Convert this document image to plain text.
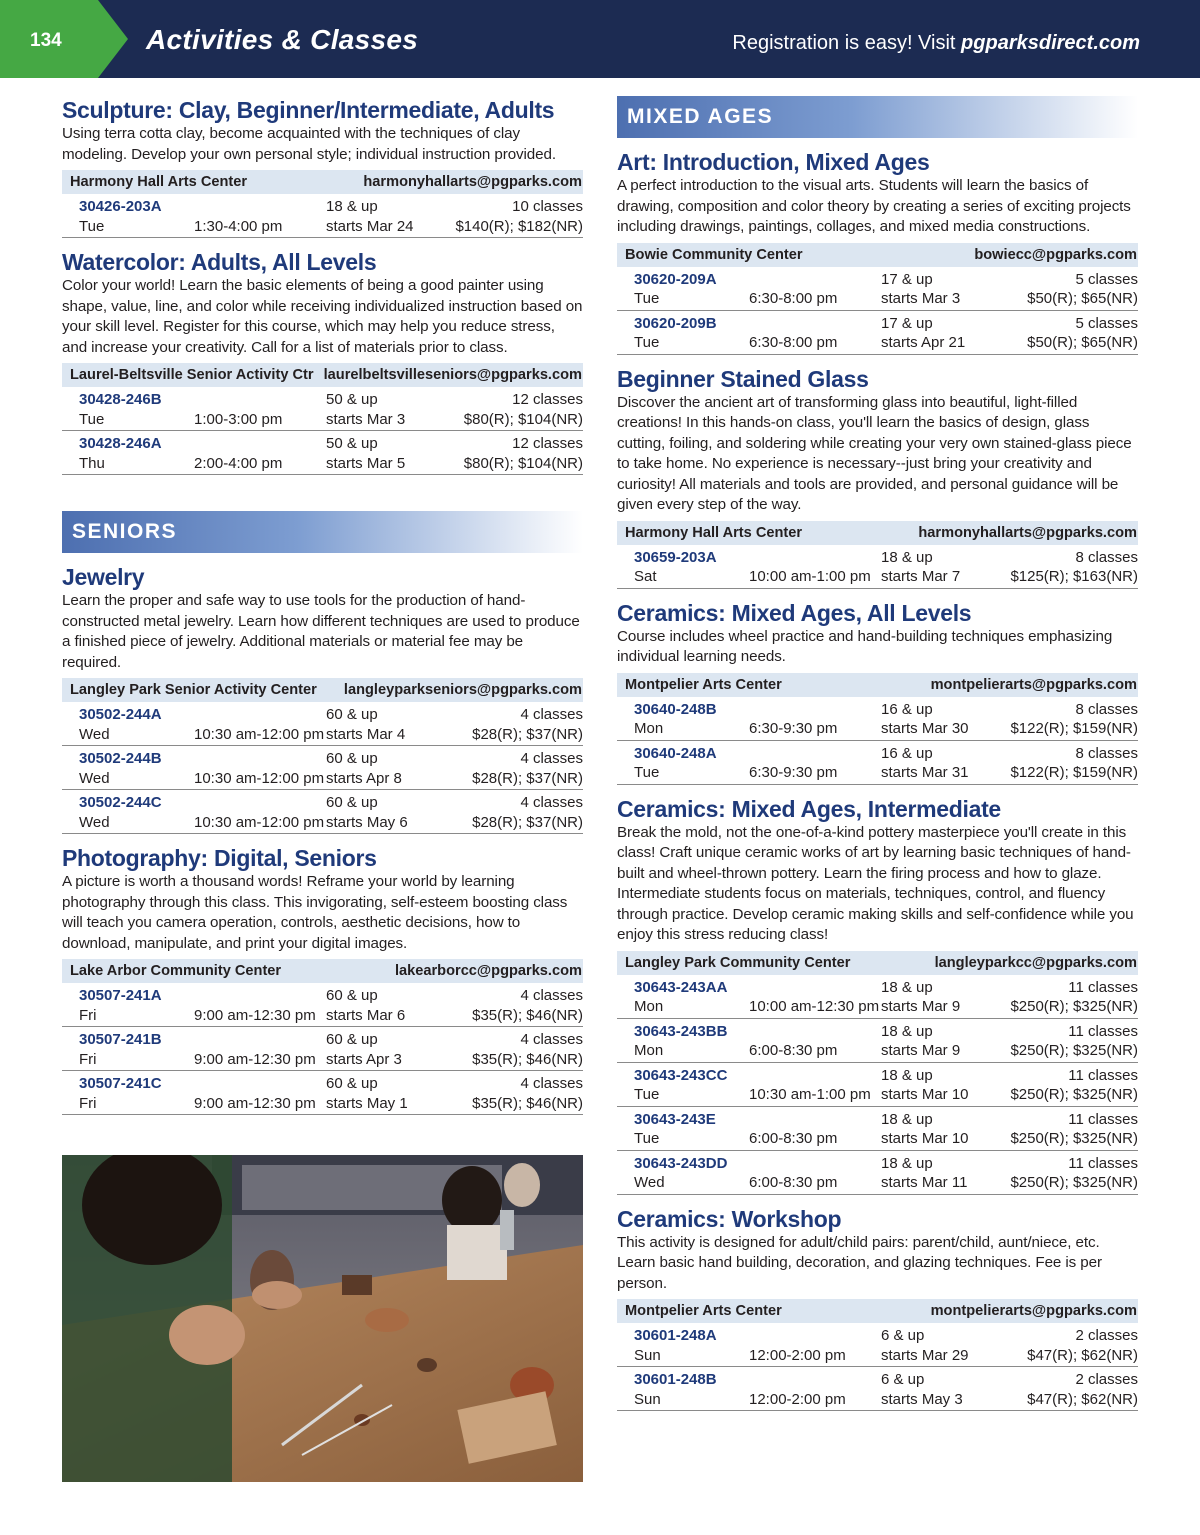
134	Activities & Classes	Registration is easy! Visit pgparksdirect.com
Sculpture: Clay, Beginner/Intermediate, Adults
Using terra cotta clay, become acquainted with the techniques of clay modeling. Develop your own personal style; individual instruction provided.
Harmony Hall Arts Center	harmonyhallarts@pgparks.com
30426-203A	18 & up	10 classes
Tue	1:30-4:00 pm	starts Mar 24	$140(R); $182(NR)
Watercolor: Adults, All Levels
Color your world! Learn the basic elements of being a good painter using shape, value, line, and color while receiving individualized instruction based on your skill level. Register for this course, which may help you reduce stress, and increase your creativity. Call for a list of materials prior to class.
Laurel-Beltsville Senior Activity Ctr laurelbeltsvilleseniors@pgparks.com
30428-246B	50 & up	12 classes
Tue	1:00-3:00 pm	starts Mar 3	$80(R); $104(NR)
30428-246A	50 & up	12 classes
Thu	2:00-4:00 pm	starts Mar 5	$80(R); $104(NR)
SENIORS
Jewelry
Learn the proper and safe way to use tools for the production of hand-constructed metal jewelry. Learn how different techniques are used to produce a finished piece of jewelry. Additional materials or material fee may be required.
Langley Park Senior Activity Center langleyparkseniors@pgparks.com
30502-244A	60 & up	4 classes
Wed	10:30 am-12:00 pm starts Mar 4	$28(R); $37(NR)
30502-244B	60 & up	4 classes
Wed	10:30 am-12:00 pm starts Apr 8	$28(R); $37(NR)
30502-244C	60 & up	4 classes
Wed	10:30 am-12:00 pm starts May 6	$28(R); $37(NR)
Photography: Digital, Seniors
A picture is worth a thousand words! Reframe your world by learning photography through this class. This invigorating, self-esteem boosting class will teach you camera operation, controls, aesthetic decisions, how to download, manipulate, and print your digital images.
Lake Arbor Community Center	lakearborcc@pgparks.com
30507-241A	60 & up	4 classes
Fri	9:00 am-12:30 pm starts Mar 6	$35(R); $46(NR)
30507-241B	60 & up	4 classes
Fri	9:00 am-12:30 pm starts Apr 3	$35(R); $46(NR)
30507-241C	60 & up	4 classes
Fri	9:00 am-12:30 pm starts May 1	$35(R); $46(NR)
MIXED AGES
Art: Introduction, Mixed Ages
A perfect introduction to the visual arts. Students will learn the basics of drawing, composition and color theory by creating a series of exciting projects including drawings, paintings, collages, and mixed media constructions.
Bowie Community Center	bowiecc@pgparks.com
30620-209A	17 & up	5 classes
Tue	6:30-8:00 pm	starts Mar 3	$50(R); $65(NR)
30620-209B	17 & up	5 classes
Tue	6:30-8:00 pm	starts Apr 21	$50(R); $65(NR)
Beginner Stained Glass
Discover the ancient art of transforming glass into beautiful, light-filled creations! In this hands-on class, you'll learn the basics of design, glass cutting, foiling, and soldering while creating your very own stained-glass piece to take home. No experience is necessary--just bring your creativity and curiosity! All materials and tools are provided, and personal guidance will be given every step of the way.
Harmony Hall Arts Center	harmonyhallarts@pgparks.com
30659-203A	18 & up	8 classes
Sat	10:00 am-1:00 pm starts Mar 7	$125(R); $163(NR)
Ceramics: Mixed Ages, All Levels
Course includes wheel practice and hand-building techniques emphasizing individual learning needs.
Montpelier Arts Center	montpelierarts@pgparks.com
30640-248B	16 & up	8 classes
Mon	6:30-9:30 pm	starts Mar 30	$122(R); $159(NR)
30640-248A	16 & up	8 classes
Tue	6:30-9:30 pm	starts Mar 31	$122(R); $159(NR)
Ceramics: Mixed Ages, Intermediate
Break the mold, not the one-of-a-kind pottery masterpiece you'll create in this class! Craft unique ceramic works of art by learning basic techniques of hand-built and wheel-thrown pottery. Learn the firing process and how to glaze. Intermediate students focus on materials, techniques, control, and fluency through practice. Develop ceramic making skills and self-confidence while you enjoy this stress reducing class!
Langley Park Community Center	langleyparkcc@pgparks.com
30643-243AA	18 & up	11 classes
Mon	10:00 am-12:30 pm starts Mar 9	$250(R); $325(NR)
30643-243BB	18 & up	11 classes
Mon	6:00-8:30 pm	starts Mar 9	$250(R); $325(NR)
30643-243CC	18 & up	11 classes
Tue	10:30 am-1:00 pm starts Mar 10	$250(R); $325(NR)
30643-243E	18 & up	11 classes
Tue	6:00-8:30 pm	starts Mar 10	$250(R); $325(NR)
30643-243DD	18 & up	11 classes
Wed	6:00-8:30 pm	starts Mar 11	$250(R); $325(NR)
Ceramics: Workshop
This activity is designed for adult/child pairs: parent/child, aunt/niece, etc. Learn basic hand building, decoration, and glazing techniques. Fee is per person.
Montpelier Arts Center	montpelierarts@pgparks.com
30601-248A	6 & up	2 classes
Sun	12:00-2:00 pm	starts Mar 29	$47(R); $62(NR)
30601-248B	6 & up	2 classes
Sun	12:00-2:00 pm	starts May 3	$47(R); $62(NR)
